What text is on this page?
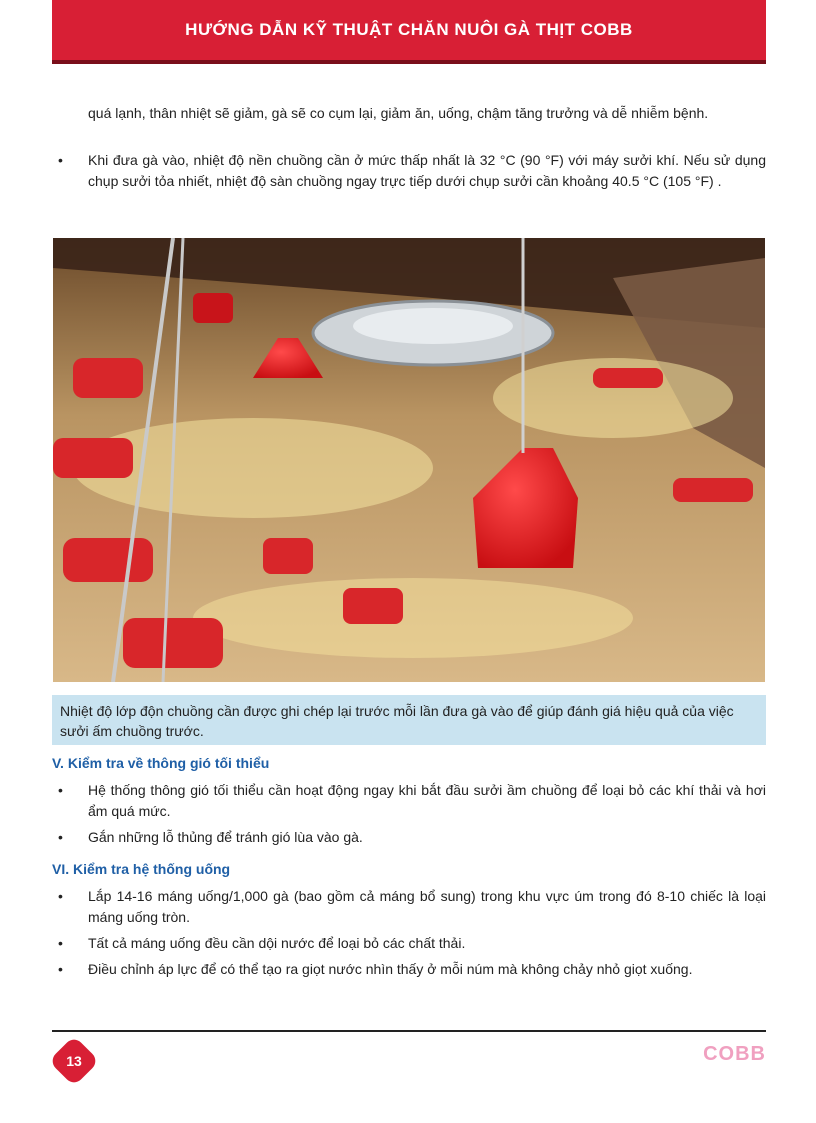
HƯỚNG DẪN KỸ THUẬT CHĂN NUÔI GÀ THỊT COBB
quá lạnh, thân nhiệt sẽ giảm, gà sẽ co cụm lại, giảm ăn, uống, chậm tăng trưởng và dễ nhiễm bệnh.
• Khi đưa gà vào, nhiệt độ nền chuồng cần ở mức thấp nhất là 32 °C (90 °F) với máy sưởi khí. Nếu sử dụng chụp sưởi tỏa nhiết, nhiệt độ sàn chuồng ngay trực tiếp dưới chụp sưởi cần khoảng 40.5 °C (105 °F) .
Nhiệt độ lớp độn chuồng cần được ghi chép lại trước mỗi lần đưa gà vào để giúp đánh giá hiệu quả của việc sưởi ấm chuồng trước.
V. Kiểm tra về thông gió tối thiểu
• Hệ thống thông gió tối thiểu cần hoạt động ngay khi bắt đầu sưởi ầm chuồng để loại bỏ các khí thải và hơi ẩm quá mức.
• Gắn những lỗ thủng để tránh gió lùa vào gà.
VI. Kiểm tra hệ thống uống
• Lắp 14-16 máng uống/1,000 gà (bao gồm cả máng bổ sung) trong khu vực úm trong đó 8-10 chiếc là loại máng uống tròn.
• Tất cả máng uống đều cần dội nước để loại bỏ các chất thải.
• Điều chỉnh áp lực để có thể tạo ra giọt nước nhìn thấy ở mỗi núm mà không chảy nhỏ giọt xuống.
13	COBB
